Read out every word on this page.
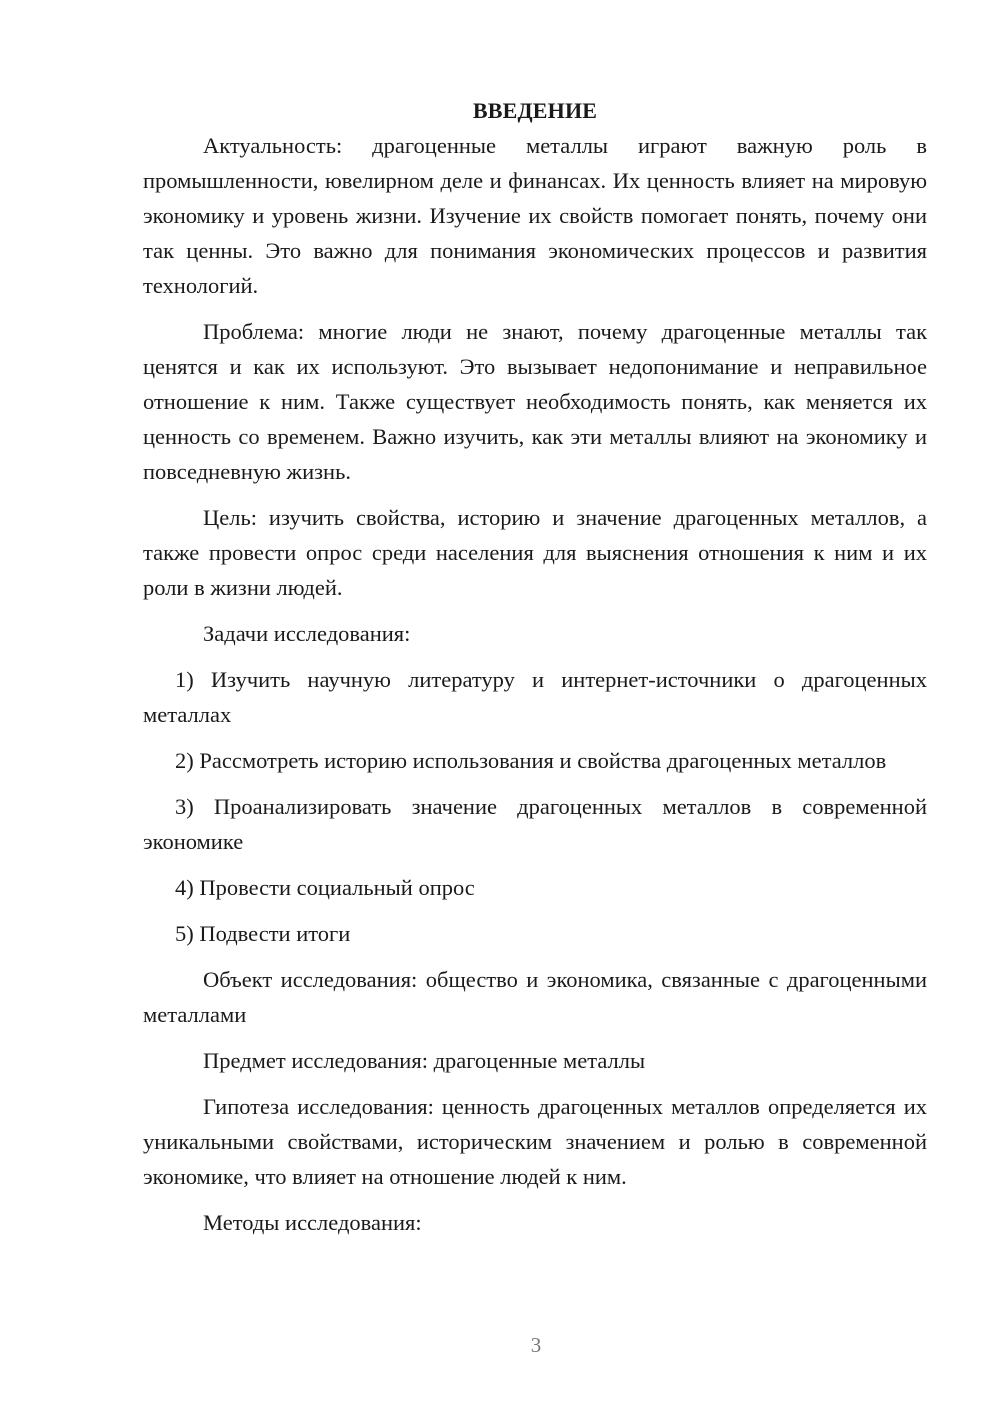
ВВЕДЕНИЕ

Актуальность: драгоценные металлы играют важную роль в промышленности, ювелирном деле и финансах. Их ценность влияет на мировую экономику и уровень жизни. Изучение их свойств помогает понять, почему они так ценны. Это важно для понимания экономических процессов и развития технологий.

Проблема: многие люди не знают, почему драгоценные металлы так ценятся и как их используют. Это вызывает недопонимание и неправильное отношение к ним. Также существует необходимость понять, как меняется их ценность со временем. Важно изучить, как эти металлы влияют на экономику и повседневную жизнь.

Цель: изучить свойства, историю и значение драгоценных металлов, а также провести опрос среди населения для выяснения отношения к ним и их роли в жизни людей.

Задачи исследования:

1) Изучить научную литературу и интернет-источники о драгоценных металлах

2) Рассмотреть историю использования и свойства драгоценных металлов

3) Проанализировать значение драгоценных металлов в современной экономике

4) Провести социальный опрос

5) Подвести итоги

Объект исследования: общество и экономика, связанные с драгоценными металлами

Предмет исследования: драгоценные металлы

Гипотеза исследования: ценность драгоценных металлов определяется их уникальными свойствами, историческим значением и ролью в современной экономике, что влияет на отношение людей к ним.

Методы исследования:

3
